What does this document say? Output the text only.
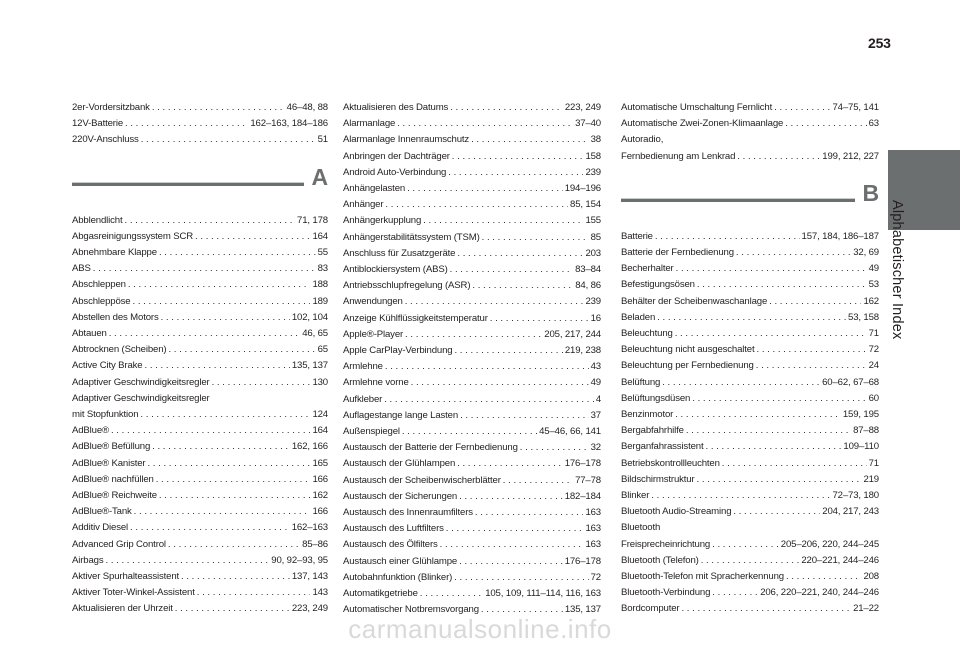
253
Alphabetischer Index
2er-Vordersitzbank . . .	46–48, 88
12V-Batterie . . .	162–163, 184–186
220V-Anschluss . . .	51
A
Abblendlicht . . .	71, 178
Abgasreinigungssystem SCR . . .	164
Abnehmbare Klappe . . .	55
ABS . . .	83
Abschleppen . . .	188
Abschleppöse . . .	189
Abstellen des Motors . . .	102, 104
Abtauen . . .	46, 65
Abtrocknen (Scheiben) . . .	65
Active City Brake . . .	135, 137
Adaptiver Geschwindigkeitsregler . . .	130
Adaptiver Geschwindigkeitsregler
mit Stopfunktion . . .	124
AdBlue® . . .	164
AdBlue® Befüllung . . .	162, 166
AdBlue® Kanister . . .	165
AdBlue® nachfüllen . . .	166
AdBlue® Reichweite . . .	162
AdBlue®-Tank . . .	166
Additiv Diesel . . .	162–163
Advanced Grip Control . . .	85–86
Airbags . . .	90, 92–93, 95
Aktiver Spurhalteassistent . . .	137, 143
Aktiver Toter-Winkel-Assistent . . .	143
Aktualisieren der Uhrzeit . . .	223, 249
Aktualisieren des Datums . . .	223, 249
Alarmanlage . . .	37–40
Alarmanlage Innenraumschutz . . .	38
Anbringen der Dachträger . . .	158
Android Auto-Verbindung . . .	239
Anhängelasten . . .	194–196
Anhänger . . .	85, 154
Anhängerkupplung . . .	155
Anhängerstabilitätssystem (TSM) . . .	85
Anschluss für Zusatzgeräte . . .	203
Antiblockiersystem (ABS) . . .	83–84
Antriebsschlupfregelung (ASR) . . .	84, 86
Anwendungen . . .	239
Anzeige Kühlflüssigkeitstemperatur . . .	16
Apple®-Player . . .	205, 217, 244
Apple CarPlay-Verbindung . . .	219, 238
Armlehne . . .	43
Armlehne vorne . . .	49
Aufkleber . . .	4
Auflagestange lange Lasten . . .	37
Außenspiegel . . .	45–46, 66, 141
Austausch der Batterie der Fernbedienung . . .	32
Austausch der Glühlampen . . .	176–178
Austausch der Scheibenwischerblätter . . .	77–78
Austausch der Sicherungen . . .	182–184
Austausch des Innenraumfilters . . .	163
Austausch des Luftfilters . . .	163
Austausch des Ölfilters . . .	163
Austausch einer Glühlampe . . .	176–178
Autobahnfunktion (Blinker) . . .	72
Automatikgetriebe . . .	105, 109, 111–114, 116, 163
Automatischer Notbremsvorgang . . .	135, 137
Automatische Umschaltung Fernlicht . . .	74–75, 141
Automatische Zwei-Zonen-Klimaanlage . . .	63
Autoradio,
Fernbedienung am Lenkrad . . .	199, 212, 227
B
Batterie . . .	157, 184, 186–187
Batterie der Fernbedienung . . .	32, 69
Becherhalter . . .	49
Befestigungsösen . . .	53
Behälter der Scheibenwaschanlage . . .	162
Beladen . . .	53, 158
Beleuchtung . . .	71
Beleuchtung nicht ausgeschaltet . . .	72
Beleuchtung per Fernbedienung . . .	24
Belüftung . . .	60–62, 67–68
Belüftungsdüsen . . .	60
Benzinmotor . . .	159, 195
Bergabfahrhilfe . . .	87–88
Berganfahrassistent . . .	109–110
Betriebskontrollleuchten . . .	71
Bildschirmstruktur . . .	219
Blinker . . .	72–73, 180
Bluetooth Audio-Streaming . . .	204, 217, 243
Bluetooth
Freisprecheinrichtung . . .	205–206, 220, 244–245
Bluetooth (Telefon) . . .	220–221, 244–246
Bluetooth-Telefon mit Spracherkennung . . .	208
Bluetooth-Verbindung . . .	206, 220–221, 240, 244–246
Bordcomputer . . .	21–22
carmanualsonline.info
